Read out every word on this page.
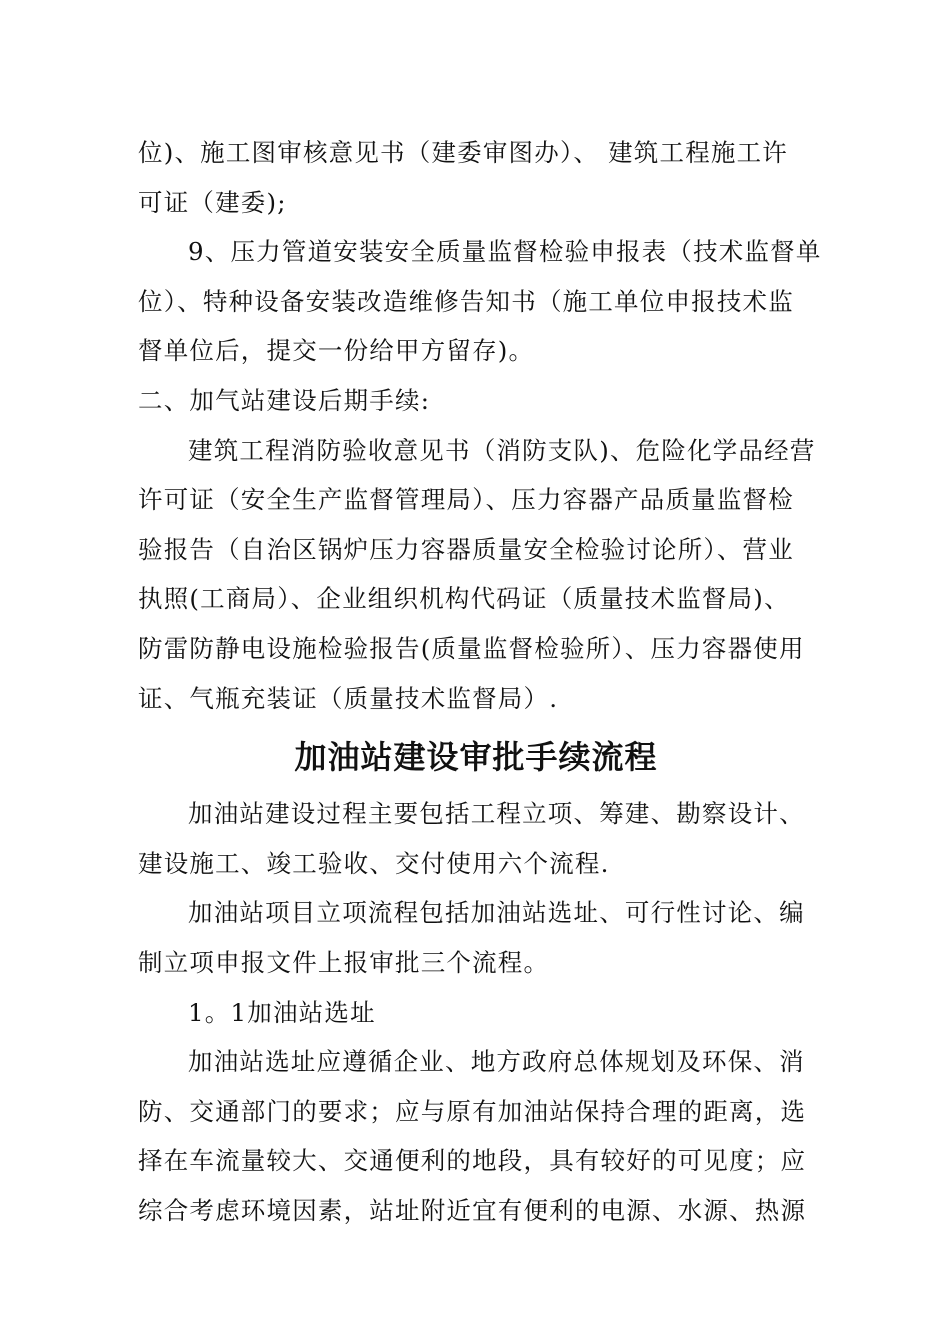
位)、施工图审核意见书（建委审图办）、 建筑工程施工许
可证（建委);
9、压力管道安装安全质量监督检验申报表（技术监督单
位）、特种设备安装改造维修告知书（施工单位申报技术监
督单位后，提交一份给甲方留存)。
二、加气站建设后期手续:
建筑工程消防验收意见书（消防支队)、危险化学品经营
许可证（安全生产监督管理局）、压力容器产品质量监督检
验报告（自治区锅炉压力容器质量安全检验讨论所）、营业
执照(工商局）、企业组织机构代码证（质量技术监督局)、
防雷防静电设施检验报告(质量监督检验所）、压力容器使用
证、气瓶充装证（质量技术监督局）.
加油站建设审批手续流程
加油站建设过程主要包括工程立项、筹建、勘察设计、
建设施工、竣工验收、交付使用六个流程.
加油站项目立项流程包括加油站选址、可行性讨论、编
制立项申报文件上报审批三个流程。
1。1加油站选址
加油站选址应遵循企业、地方政府总体规划及环保、消
防、交通部门的要求；应与原有加油站保持合理的距离，选
择在车流量较大、交通便利的地段，具有较好的可见度；应
综合考虑环境因素，站址附近宜有便利的电源、水源、热源
